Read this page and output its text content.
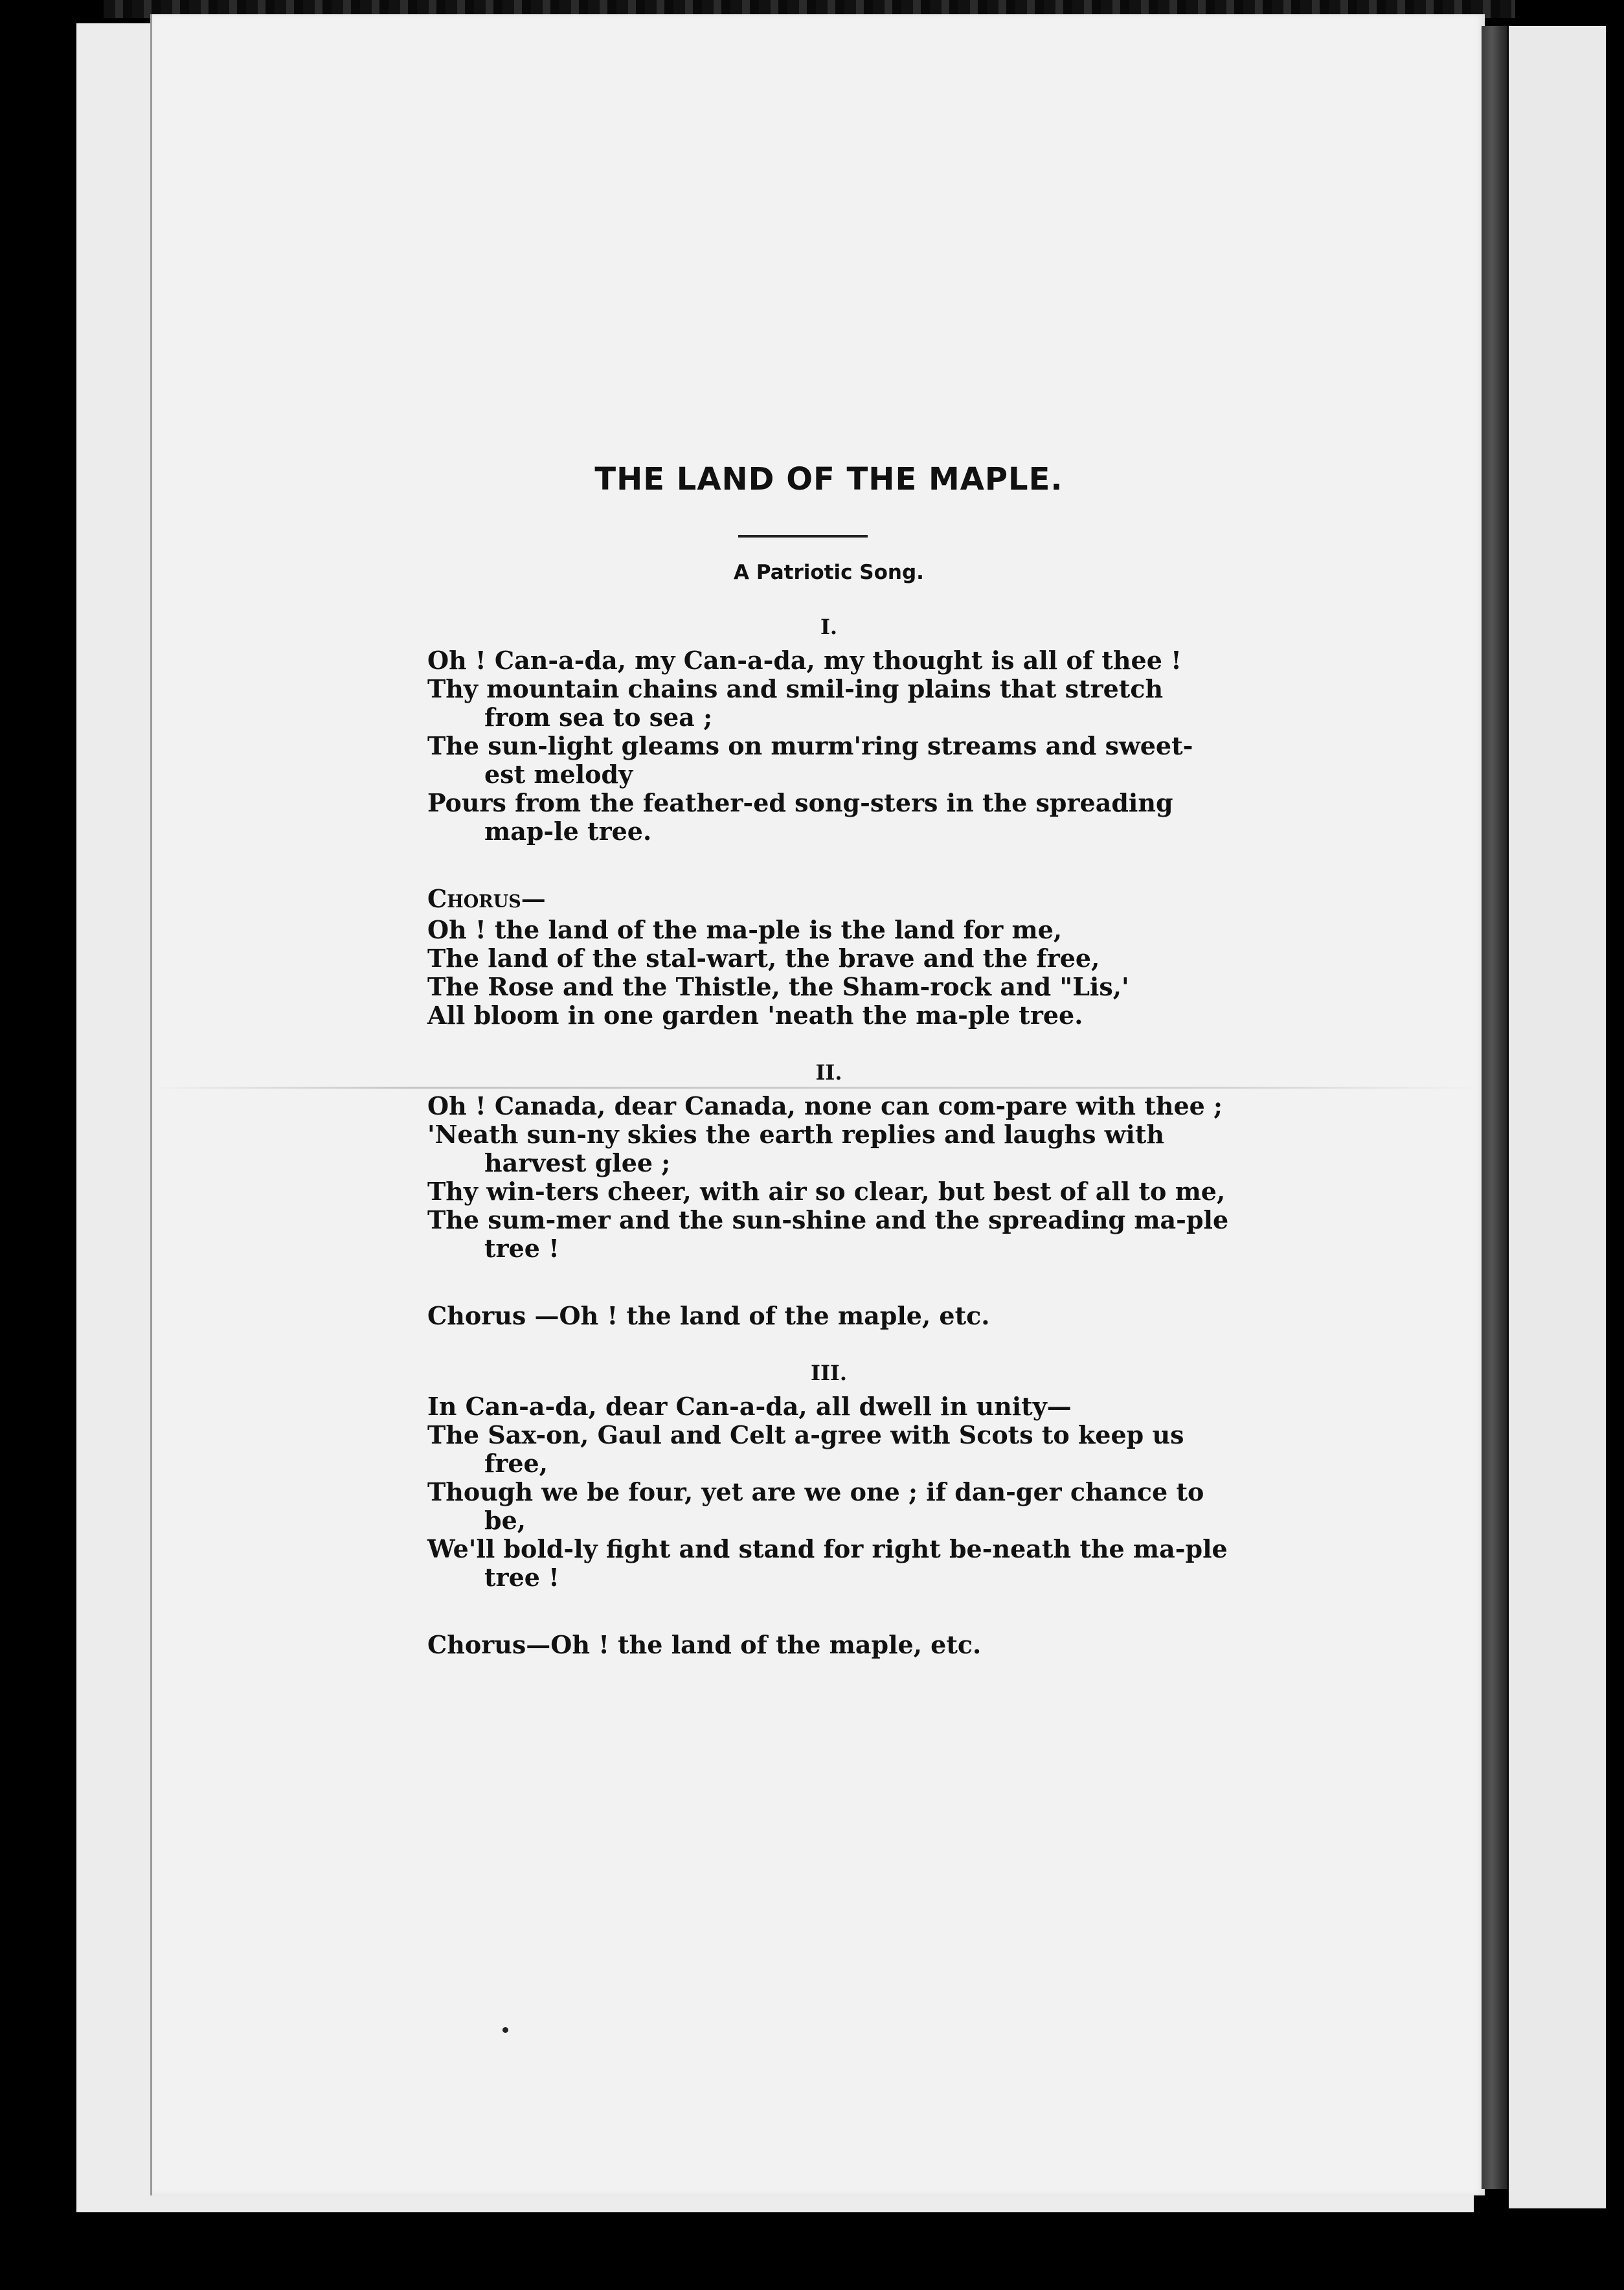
THE LAND OF THE MAPLE.
A Patriotic Song.
I.
Oh ! Can-a-da, my Can-a-da, my thought is all of thee !
Thy mountain chains and smil-ing plains that stretch from sea to sea ;
The sun-light gleams on murm'ring streams and sweet-est melody
Pours from the feather-ed song-sters in the spreading map-le tree.
Chorus—
Oh ! the land of the ma-ple is the land for me,
The land of the stal-wart, the brave and the free,
The Rose and the Thistle, the Sham-rock and "Lis,'
All bloom in one garden 'neath the ma-ple tree.
II.
Oh ! Canada, dear Canada, none can com-pare with thee ;
'Neath sun-ny skies the earth replies and laughs with harvest glee ;
Thy win-ters cheer, with air so clear, but best of all to me,
The sum-mer and the sun-shine and the spreading ma-ple tree !
Chorus —Oh ! the land of the maple, etc.
III.
In Can-a-da, dear Can-a-da, all dwell in unity—
The Sax-on, Gaul and Celt a-gree with Scots to keep us free,
Though we be four, yet are we one ; if dan-ger chance to be,
We'll bold-ly fight and stand for right be-neath the ma-ple tree !
Chorus—Oh ! the land of the maple, etc.
